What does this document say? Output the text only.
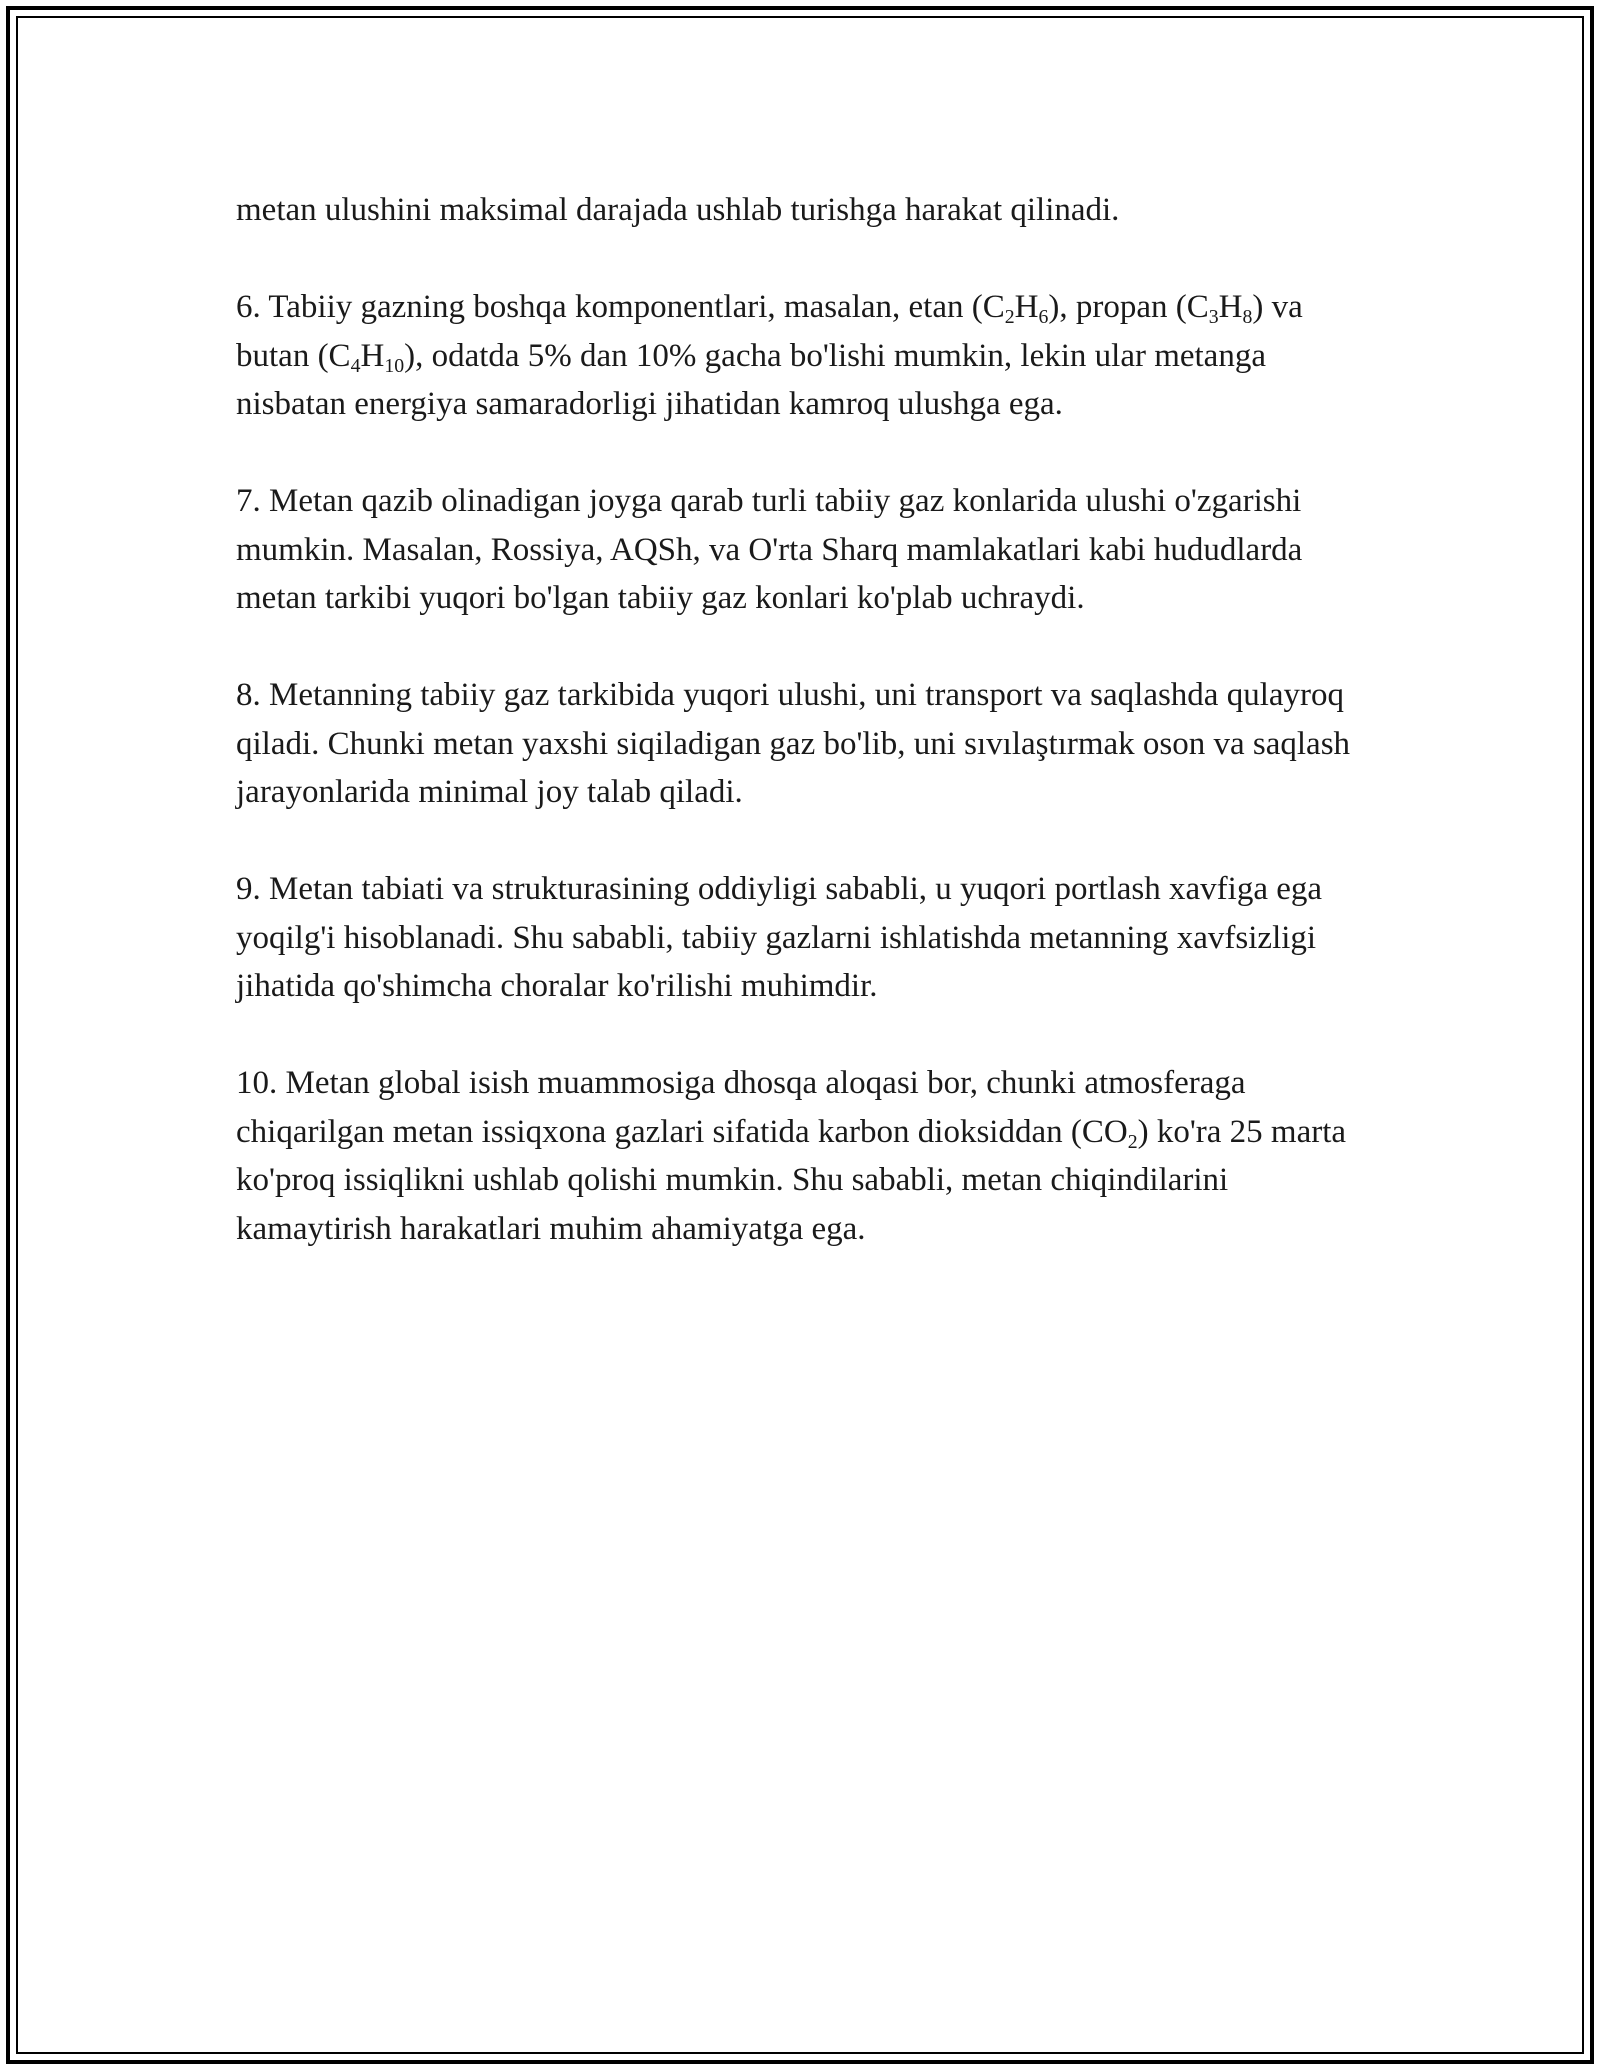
metan ulushini maksimal darajada ushlab turishga harakat qilinadi.

6. Tabiiy gazning boshqa komponentlari, masalan, etan $(C_2H_6)$, propan $(C_3H_8)$ va butan $(C_4H_{10})$, odatda 5% dan 10% gacha bo'lishi mumkin, lekin ular metanga nisbatan energiya samaradorligi jihatidan kamroq ulushga ega.

7. Metan qazib olinadigan joyga qarab turli tabiiy gaz konlarida ulushi o'zgarishi mumkin. Masalan, Rossiya, AQSh, va O'rta Sharq mamlakatlari kabi hududlarda metan tarkibi yuqori bo'lgan tabiiy gaz konlari ko'plab uchraydi.

8. Metanning tabiiy gaz tarkibida yuqori ulushi, uni transport va saqlashda qulayroq qiladi. Chunki metan yaxshi siqiladigan gaz bo'lib, uni sıvılaştırmak oson va saqlash jarayonlarida minimal joy talab qiladi.

9. Metan tabiati va strukturasining oddiyligi sababli, u yuqori portlash xavfiga ega yoqilg'i hisoblanadi. Shu sababli, tabiiy gazlarni ishlatishda metanning xavfsizligi jihatida qo'shimcha choralar ko'rilishi muhimdir.

10. Metan global isish muammosiga dhosqa aloqasi bor, chunki atmosferaga chiqarilgan metan issiqxona gazlari sifatida karbon dioksiddan $(CO_2)$ ko'ra 25 marta ko'proq issiqlikni ushlab qolishi mumkin. Shu sababli, metan chiqindilarini kamaytirish harakatlari muhim ahamiyatga ega.
